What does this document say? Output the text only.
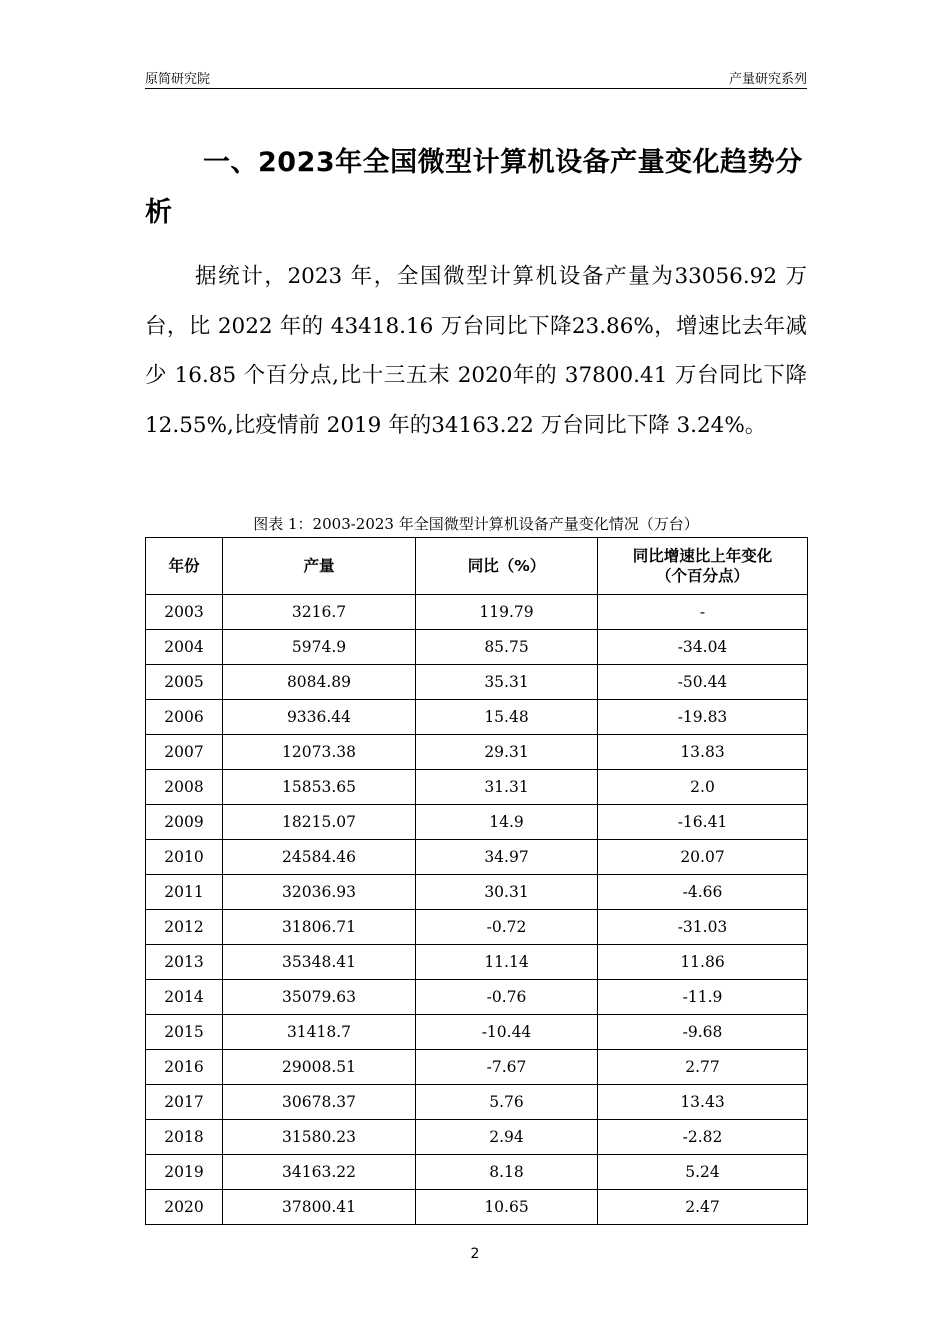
原简研究院	产量研究系列
一、2023年全国微型计算机设备产量变化趋势分析
据统计，2023 年，全国微型计算机设备产量为33056.92 万台，比 2022 年的 43418.16 万台同比下降23.86%，增速比去年减少 16.85 个百分点,比十三五末 2020年的 37800.41 万台同比下降 12.55%,比疫情前 2019 年的34163.22 万台同比下降 3.24%。
图表 1：2003-2023 年全国微型计算机设备产量变化情况（万台）
年份	产量	同比（%）	同比增速比上年变化（个百分点）
2003	3216.7	119.79	-
2004	5974.9	85.75	-34.04
2005	8084.89	35.31	-50.44
2006	9336.44	15.48	-19.83
2007	12073.38	29.31	13.83
2008	15853.65	31.31	2.0
2009	18215.07	14.9	-16.41
2010	24584.46	34.97	20.07
2011	32036.93	30.31	-4.66
2012	31806.71	-0.72	-31.03
2013	35348.41	11.14	11.86
2014	35079.63	-0.76	-11.9
2015	31418.7	-10.44	-9.68
2016	29008.51	-7.67	2.77
2017	30678.37	5.76	13.43
2018	31580.23	2.94	-2.82
2019	34163.22	8.18	5.24
2020	37800.41	10.65	2.47
2
